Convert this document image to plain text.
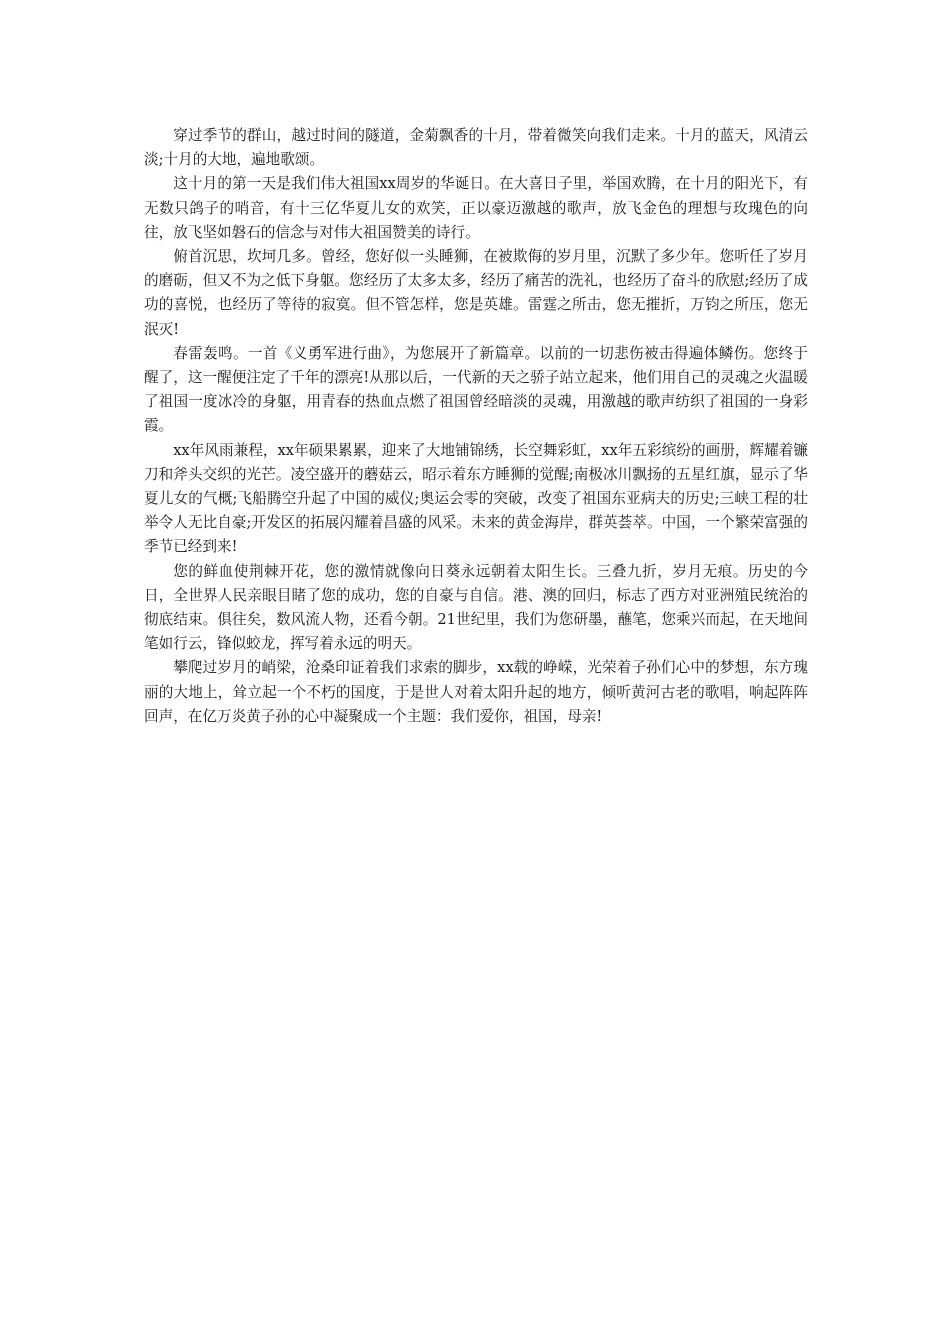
穿过季节的群山，越过时间的隧道，金菊飘香的十月，带着微笑向我们走来。十月的蓝天，风清云淡;十月的大地，遍地歌颂。

这十月的第一天是我们伟大祖国xx周岁的华诞日。在大喜日子里，举国欢腾，在十月的阳光下，有无数只鸽子的哨音，有十三亿华夏儿女的欢笑，正以豪迈激越的歌声，放飞金色的理想与玫瑰色的向往，放飞坚如磐石的信念与对伟大祖国赞美的诗行。

俯首沉思，坎坷几多。曾经，您好似一头睡狮，在被欺侮的岁月里，沉默了多少年。您听任了岁月的磨砺，但又不为之低下身躯。您经历了太多太多，经历了痛苦的洗礼，也经历了奋斗的欣慰;经历了成功的喜悦，也经历了等待的寂寞。但不管怎样，您是英雄。雷霆之所击，您无摧折，万钧之所压，您无泯灭!

春雷轰鸣。一首《义勇军进行曲》，为您展开了新篇章。以前的一切悲伤被击得遍体鳞伤。您终于醒了，这一醒便注定了千年的漂亮!从那以后，一代新的天之骄子站立起来，他们用自己的灵魂之火温暖了祖国一度冰冷的身躯，用青春的热血点燃了祖国曾经暗淡的灵魂，用激越的歌声纺织了祖国的一身彩霞。

xx年风雨兼程，xx年硕果累累，迎来了大地铺锦绣，长空舞彩虹，xx年五彩缤纷的画册，辉耀着镰刀和斧头交织的光芒。凌空盛开的蘑菇云，昭示着东方睡狮的觉醒;南极冰川飘扬的五星红旗，显示了华夏儿女的气概;飞船腾空升起了中国的威仪;奥运会零的突破，改变了祖国东亚病夫的历史;三峡工程的壮举令人无比自豪;开发区的拓展闪耀着昌盛的风采。未来的黄金海岸，群英荟萃。中国，一个繁荣富强的季节已经到来!

您的鲜血使荆棘开花，您的激情就像向日葵永远朝着太阳生长。三叠九折，岁月无痕。历史的今日，全世界人民亲眼目睹了您的成功，您的自豪与自信。港、澳的回归，标志了西方对亚洲殖民统治的彻底结束。俱往矣，数风流人物，还看今朝。21世纪里，我们为您研墨，蘸笔，您乘兴而起，在天地间笔如行云，锋似蛟龙，挥写着永远的明天。

攀爬过岁月的峭梁，沧桑印证着我们求索的脚步，xx载的峥嵘，光荣着子孙们心中的梦想，东方瑰丽的大地上，耸立起一个不朽的国度，于是世人对着太阳升起的地方，倾听黄河古老的歌唱，响起阵阵回声，在亿万炎黄子孙的心中凝聚成一个主题：我们爱你，祖国，母亲!
